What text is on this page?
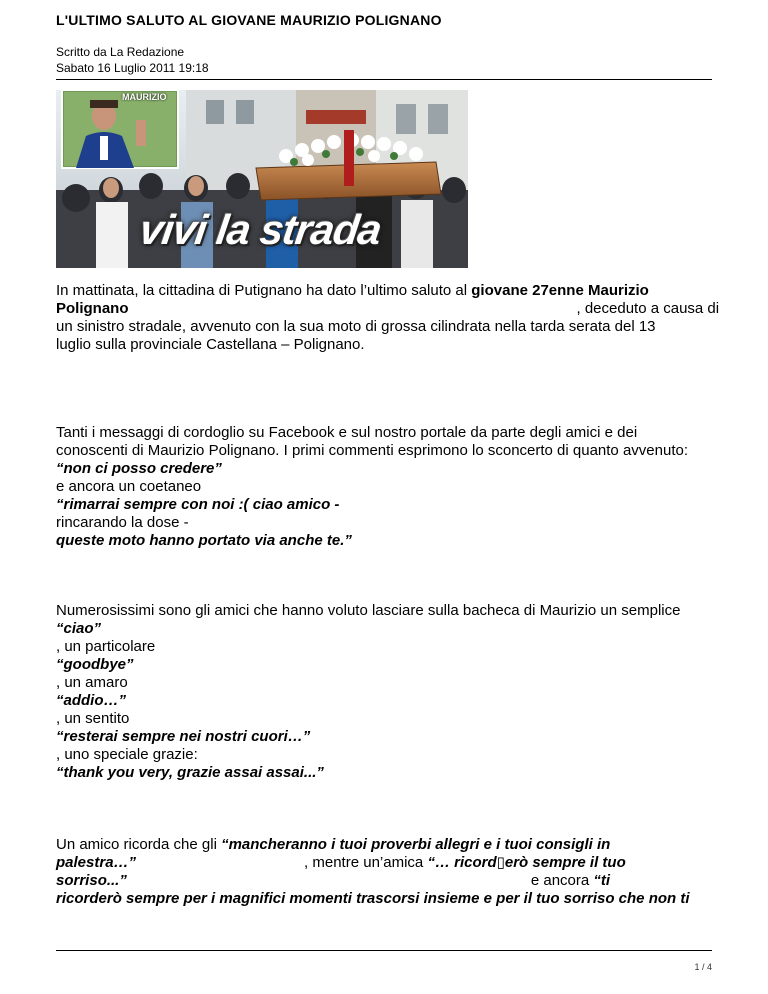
L'ULTIMO SALUTO AL GIOVANE MAURIZIO POLIGNANO
Scritto da La Redazione
Sabato 16 Luglio 2011 19:18
MAURIZIO
vivi la strada
In mattinata, la cittadina di Putignano ha dato l’ultimo saluto al giovane 27enne Maurizio
Polignano	, deceduto a causa di
un sinistro stradale, avvenuto con la sua moto di grossa cilindrata nella tarda serata del 13
luglio sulla provinciale Castellana – Polignano.
Tanti i messaggi di cordoglio su Facebook e sul nostro portale da parte degli amici e dei
conoscenti di Maurizio Polignano. I primi commenti esprimono lo sconcerto di quanto avvenuto:
“non ci posso credere”
e ancora un coetaneo
“rimarrai sempre con noi :( ciao amico -
rincarando la dose -
queste moto hanno portato via anche te.”
Numerosissimi sono gli amici che hanno voluto lasciare sulla bacheca di Maurizio un semplice
“ciao”
, un particolare
“goodbye”
, un amaro
“addio…”
, un sentito
“resterai sempre nei nostri cuori…”
, uno speciale grazie:
“thank you very, grazie assai assai...”
Un amico ricorda che gli “mancheranno i tuoi proverbi allegri e i tuoi consigli in
palestra…”	, mentre un’amica “… ricord▯erò sempre il tuo
sorriso...”	e ancora “ti
ricorderò sempre per i magnifici momenti trascorsi insieme e per il tuo sorriso che non ti
1 / 4
